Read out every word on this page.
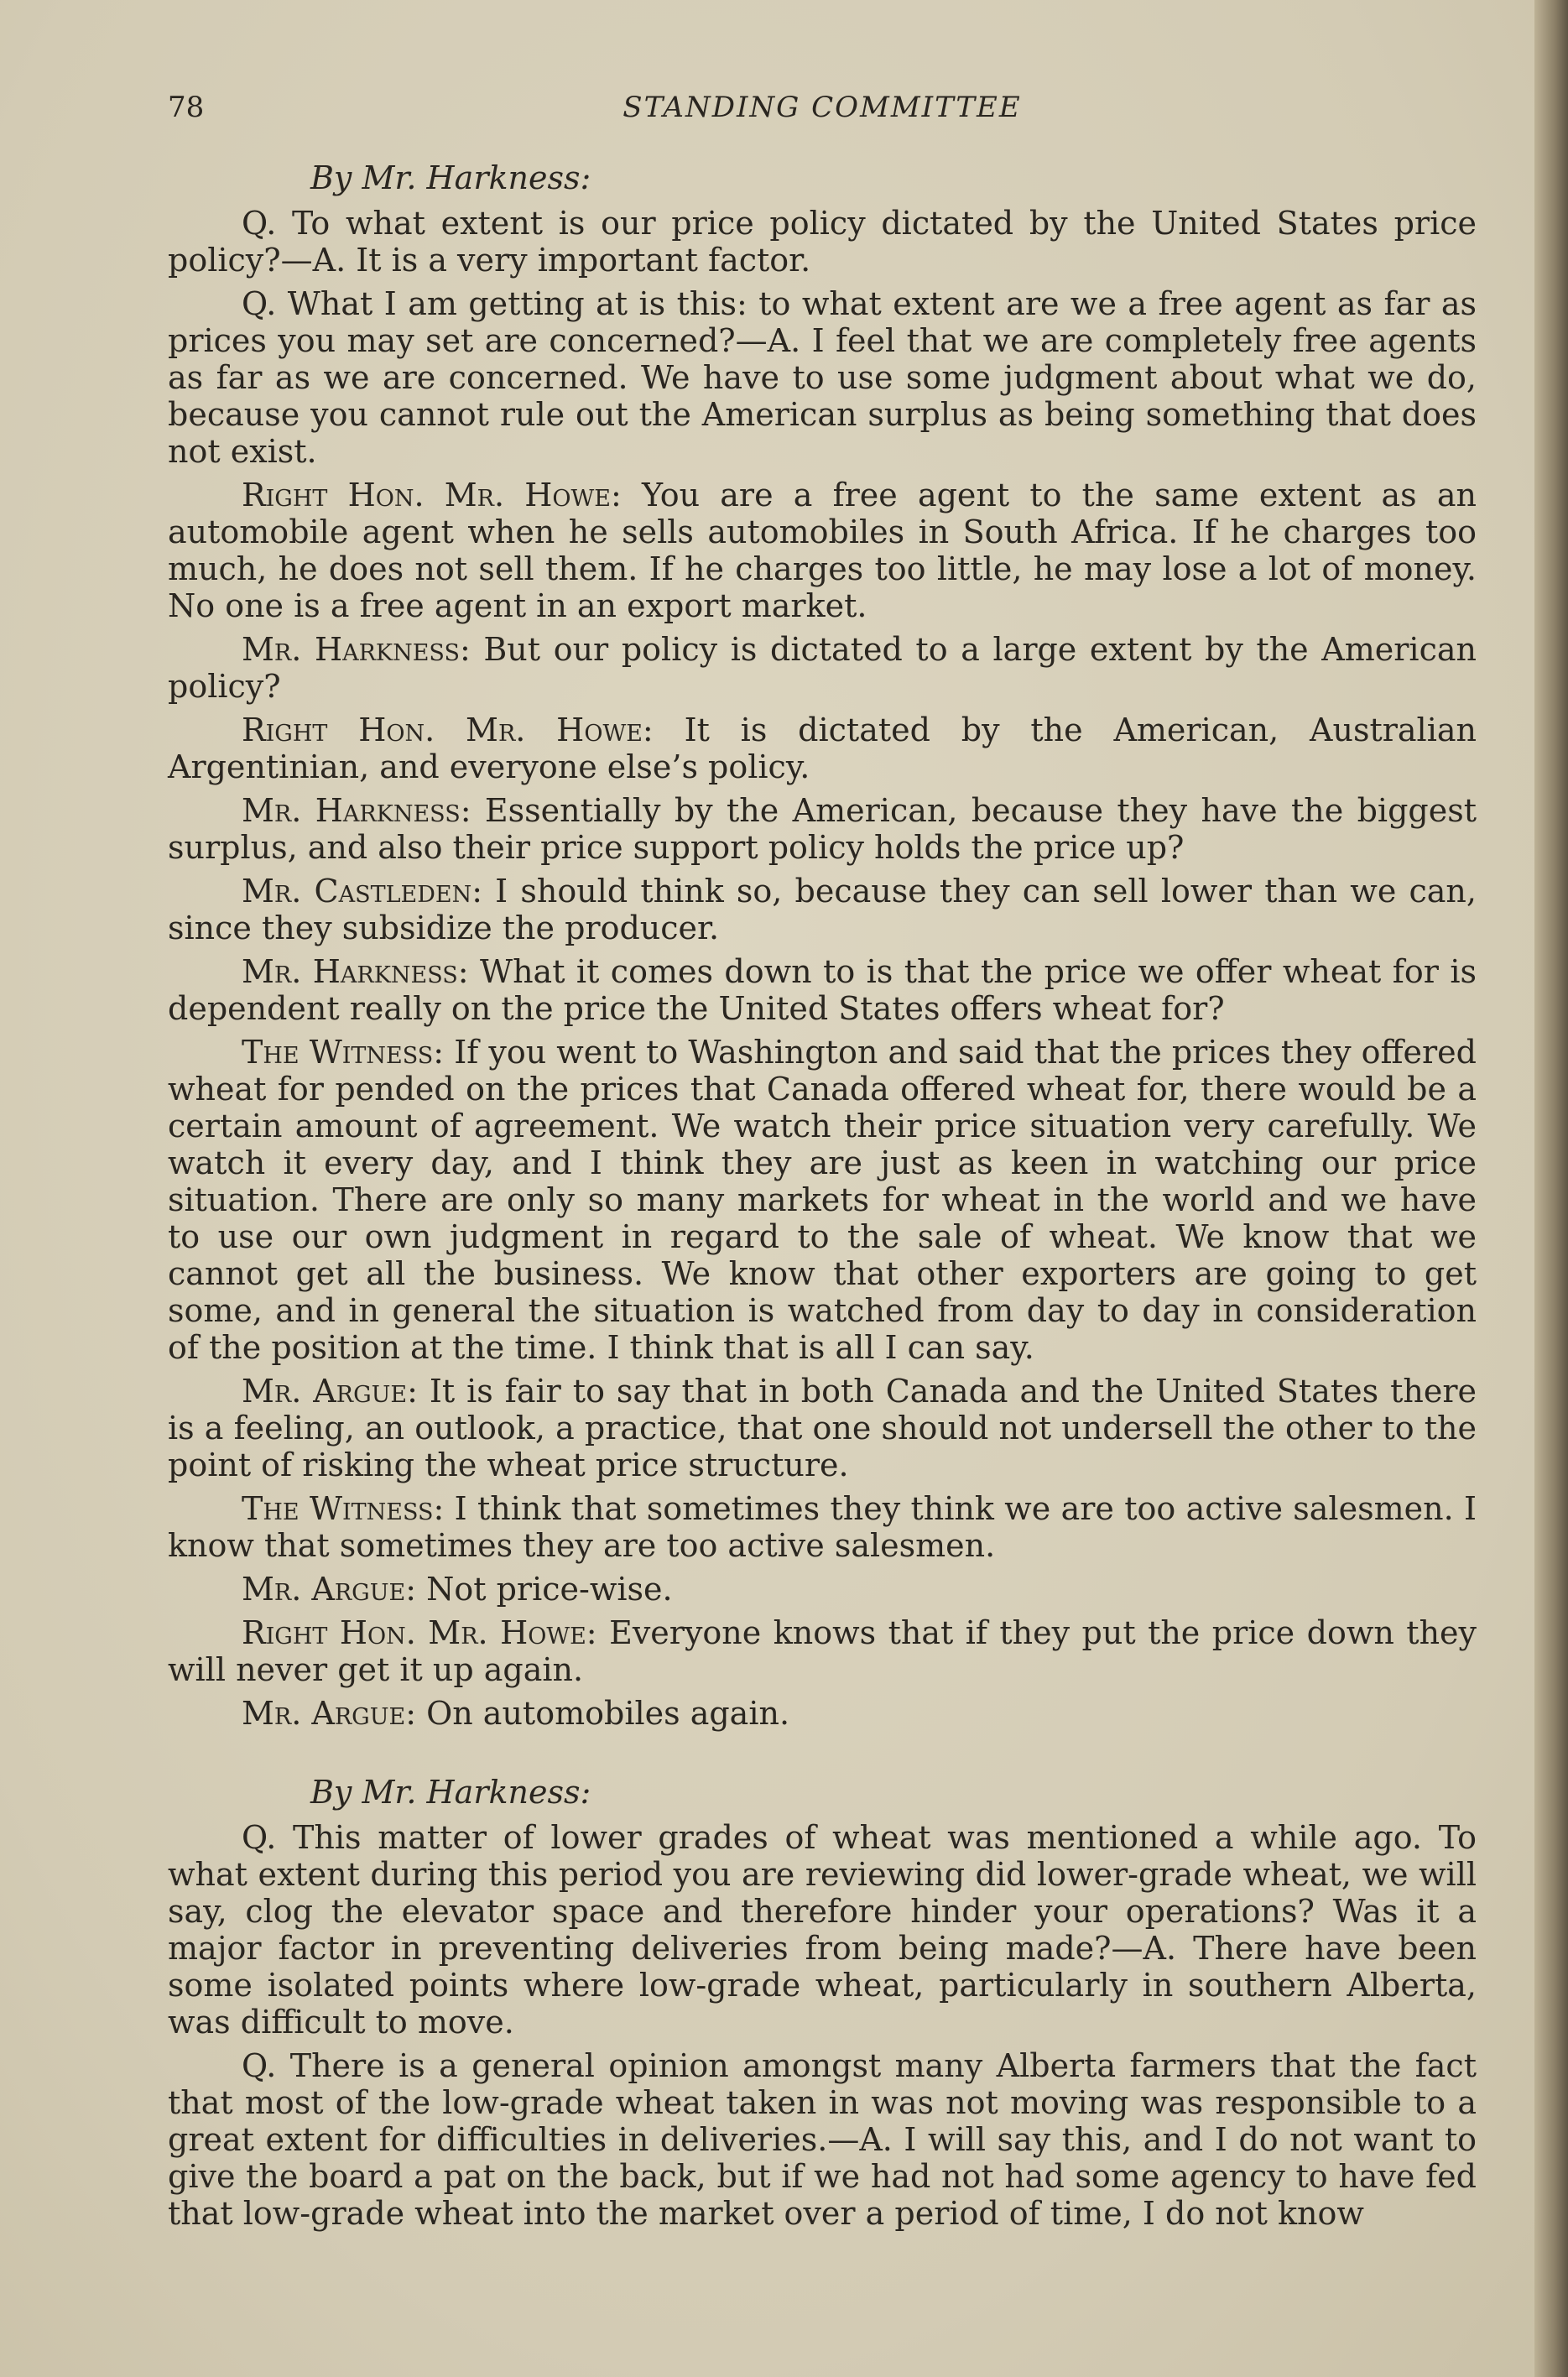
78	STANDING COMMITTEE

By Mr. Harkness:

Q. To what extent is our price policy dictated by the United States price policy?—A. It is a very important factor.

Q. What I am getting at is this: to what extent are we a free agent as far as prices you may set are concerned?—A. I feel that we are completely free agents as far as we are concerned. We have to use some judgment about what we do, because you cannot rule out the American surplus as being something that does not exist.

Right Hon. Mr. Howe: You are a free agent to the same extent as an automobile agent when he sells automobiles in South Africa. If he charges too much, he does not sell them. If he charges too little, he may lose a lot of money. No one is a free agent in an export market.

Mr. Harkness: But our policy is dictated to a large extent by the American policy?

Right Hon. Mr. Howe: It is dictated by the American, Australian Argentinian, and everyone else’s policy.

Mr. Harkness: Essentially by the American, because they have the biggest surplus, and also their price support policy holds the price up?

Mr. Castleden: I should think so, because they can sell lower than we can, since they subsidize the producer.

Mr. Harkness: What it comes down to is that the price we offer wheat for is dependent really on the price the United States offers wheat for?

The Witness: If you went to Washington and said that the prices they offered wheat for pended on the prices that Canada offered wheat for, there would be a certain amount of agreement. We watch their price situation very carefully. We watch it every day, and I think they are just as keen in watching our price situation. There are only so many markets for wheat in the world and we have to use our own judgment in regard to the sale of wheat. We know that we cannot get all the business. We know that other exporters are going to get some, and in general the situation is watched from day to day in consideration of the position at the time. I think that is all I can say.

Mr. Argue: It is fair to say that in both Canada and the United States there is a feeling, an outlook, a practice, that one should not undersell the other to the point of risking the wheat price structure.

The Witness: I think that sometimes they think we are too active salesmen. I know that sometimes they are too active salesmen.

Mr. Argue: Not price-wise.

Right Hon. Mr. Howe: Everyone knows that if they put the price down they will never get it up again.

Mr. Argue: On automobiles again.

By Mr. Harkness:

Q. This matter of lower grades of wheat was mentioned a while ago. To what extent during this period you are reviewing did lower-grade wheat, we will say, clog the elevator space and therefore hinder your operations? Was it a major factor in preventing deliveries from being made?—A. There have been some isolated points where low-grade wheat, particularly in southern Alberta, was difficult to move.

Q. There is a general opinion amongst many Alberta farmers that the fact that most of the low-grade wheat taken in was not moving was responsible to a great extent for difficulties in deliveries.—A. I will say this, and I do not want to give the board a pat on the back, but if we had not had some agency to have fed that low-grade wheat into the market over a period of time, I do not know
